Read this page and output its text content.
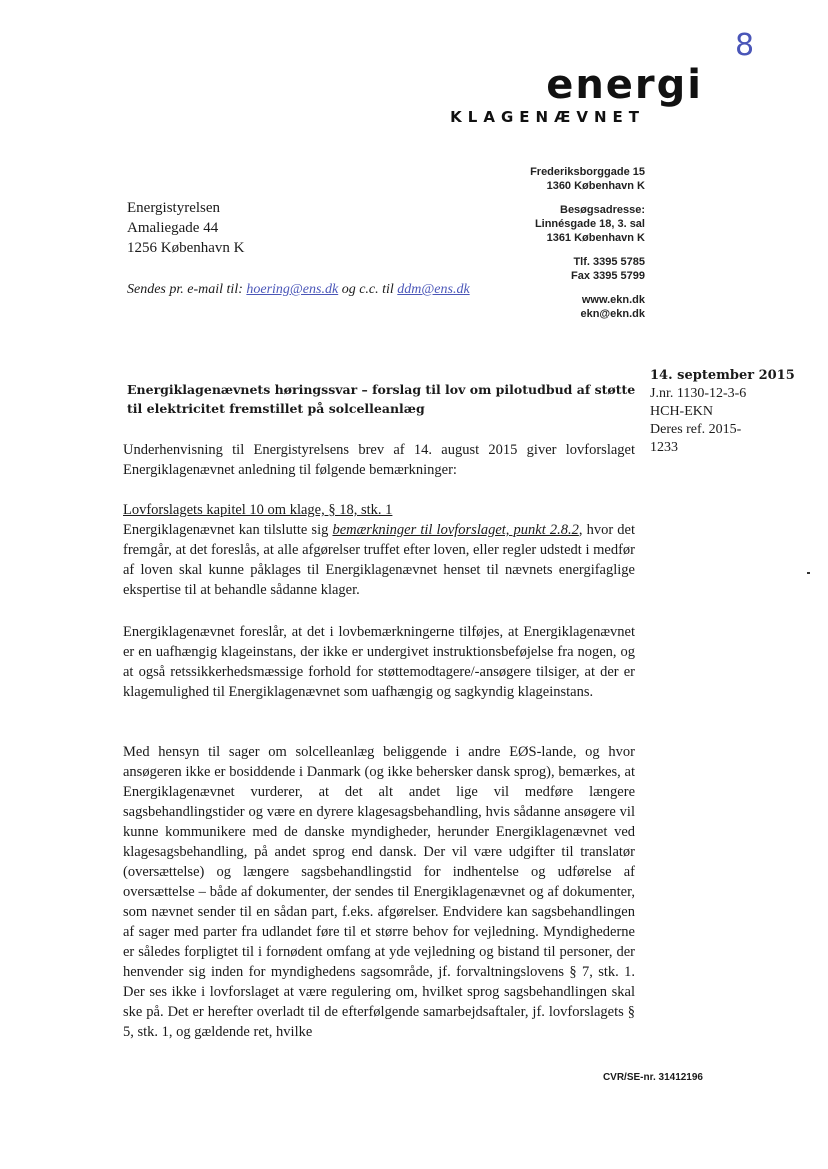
8
energi
KLAGENÆVNET
Frederiksborggade 15
1360 København K
Besøgsadresse:
Linnésgade 18, 3. sal
1361 København K
Tlf. 3395 5785
Fax 3395 5799
www.ekn.dk
ekn@ekn.dk
Energistyrelsen
Amaliegade 44
1256 København K
Sendes pr. e-mail til: hoering@ens.dk og c.c. til ddm@ens.dk
14. september 2015
J.nr. 1130-12-3-6
HCH-EKN
Deres ref. 2015-
1233
Energiklagenævnets høringssvar – forslag til lov om pilotudbud af støtte til elektricitet fremstillet på solcelleanlæg
Underhenvisning til Energistyrelsens brev af 14. august 2015 giver lovforslaget Energiklagenævnet anledning til følgende bemærkninger:
Lovforslagets kapitel 10 om klage, § 18, stk. 1
Energiklagenævnet kan tilslutte sig bemærkninger til lovforslaget, punkt 2.8.2, hvor det fremgår, at det foreslås, at alle afgørelser truffet efter loven, eller regler udstedt i medfør af loven skal kunne påklages til Energiklagenævnet henset til nævnets energifaglige ekspertise til at behandle sådanne klager.
Energiklagenævnet foreslår, at det i lovbemærkningerne tilføjes, at Energiklagenævnet er en uafhængig klageinstans, der ikke er undergivet instruktionsbeføjelse fra nogen, og at også retssikkerhedsmæssige forhold for støttemodtagere/-ansøgere tilsiger, at der er klagemulighed til Energiklagenævnet som uafhængig og sagkyndig klageinstans.
Med hensyn til sager om solcelleanlæg beliggende i andre EØS-lande, og hvor ansøgeren ikke er bosiddende i Danmark (og ikke behersker dansk sprog), bemærkes, at Energiklagenævnet vurderer, at det alt andet lige vil medføre længere sagsbehandlingstider og være en dyrere klagesagsbehandling, hvis sådanne ansøgere vil kunne kommunikere med de danske myndigheder, herunder Energiklagenævnet ved klagesagsbehandling, på andet sprog end dansk. Der vil være udgifter til translatør (oversættelse) og længere sagsbehandlingstid for indhentelse og udførelse af oversættelse – både af dokumenter, der sendes til Energiklagenævnet og af dokumenter, som nævnet sender til en sådan part, f.eks. afgørelser. Endvidere kan sagsbehandlingen af sager med parter fra udlandet føre til et større behov for vejledning. Myndighederne er således forpligtet til i fornødent omfang at yde vejledning og bistand til personer, der henvender sig inden for myndighedens sagsområde, jf. forvaltningslovens § 7, stk. 1. Der ses ikke i lovforslaget at være regulering om, hvilket sprog sagsbehandlingen skal ske på. Det er herefter overladt til de efterfølgende samarbejdsaftaler, jf. lovforslagets § 5, stk. 1, og gældende ret, hvilke
CVR/SE-nr. 31412196
